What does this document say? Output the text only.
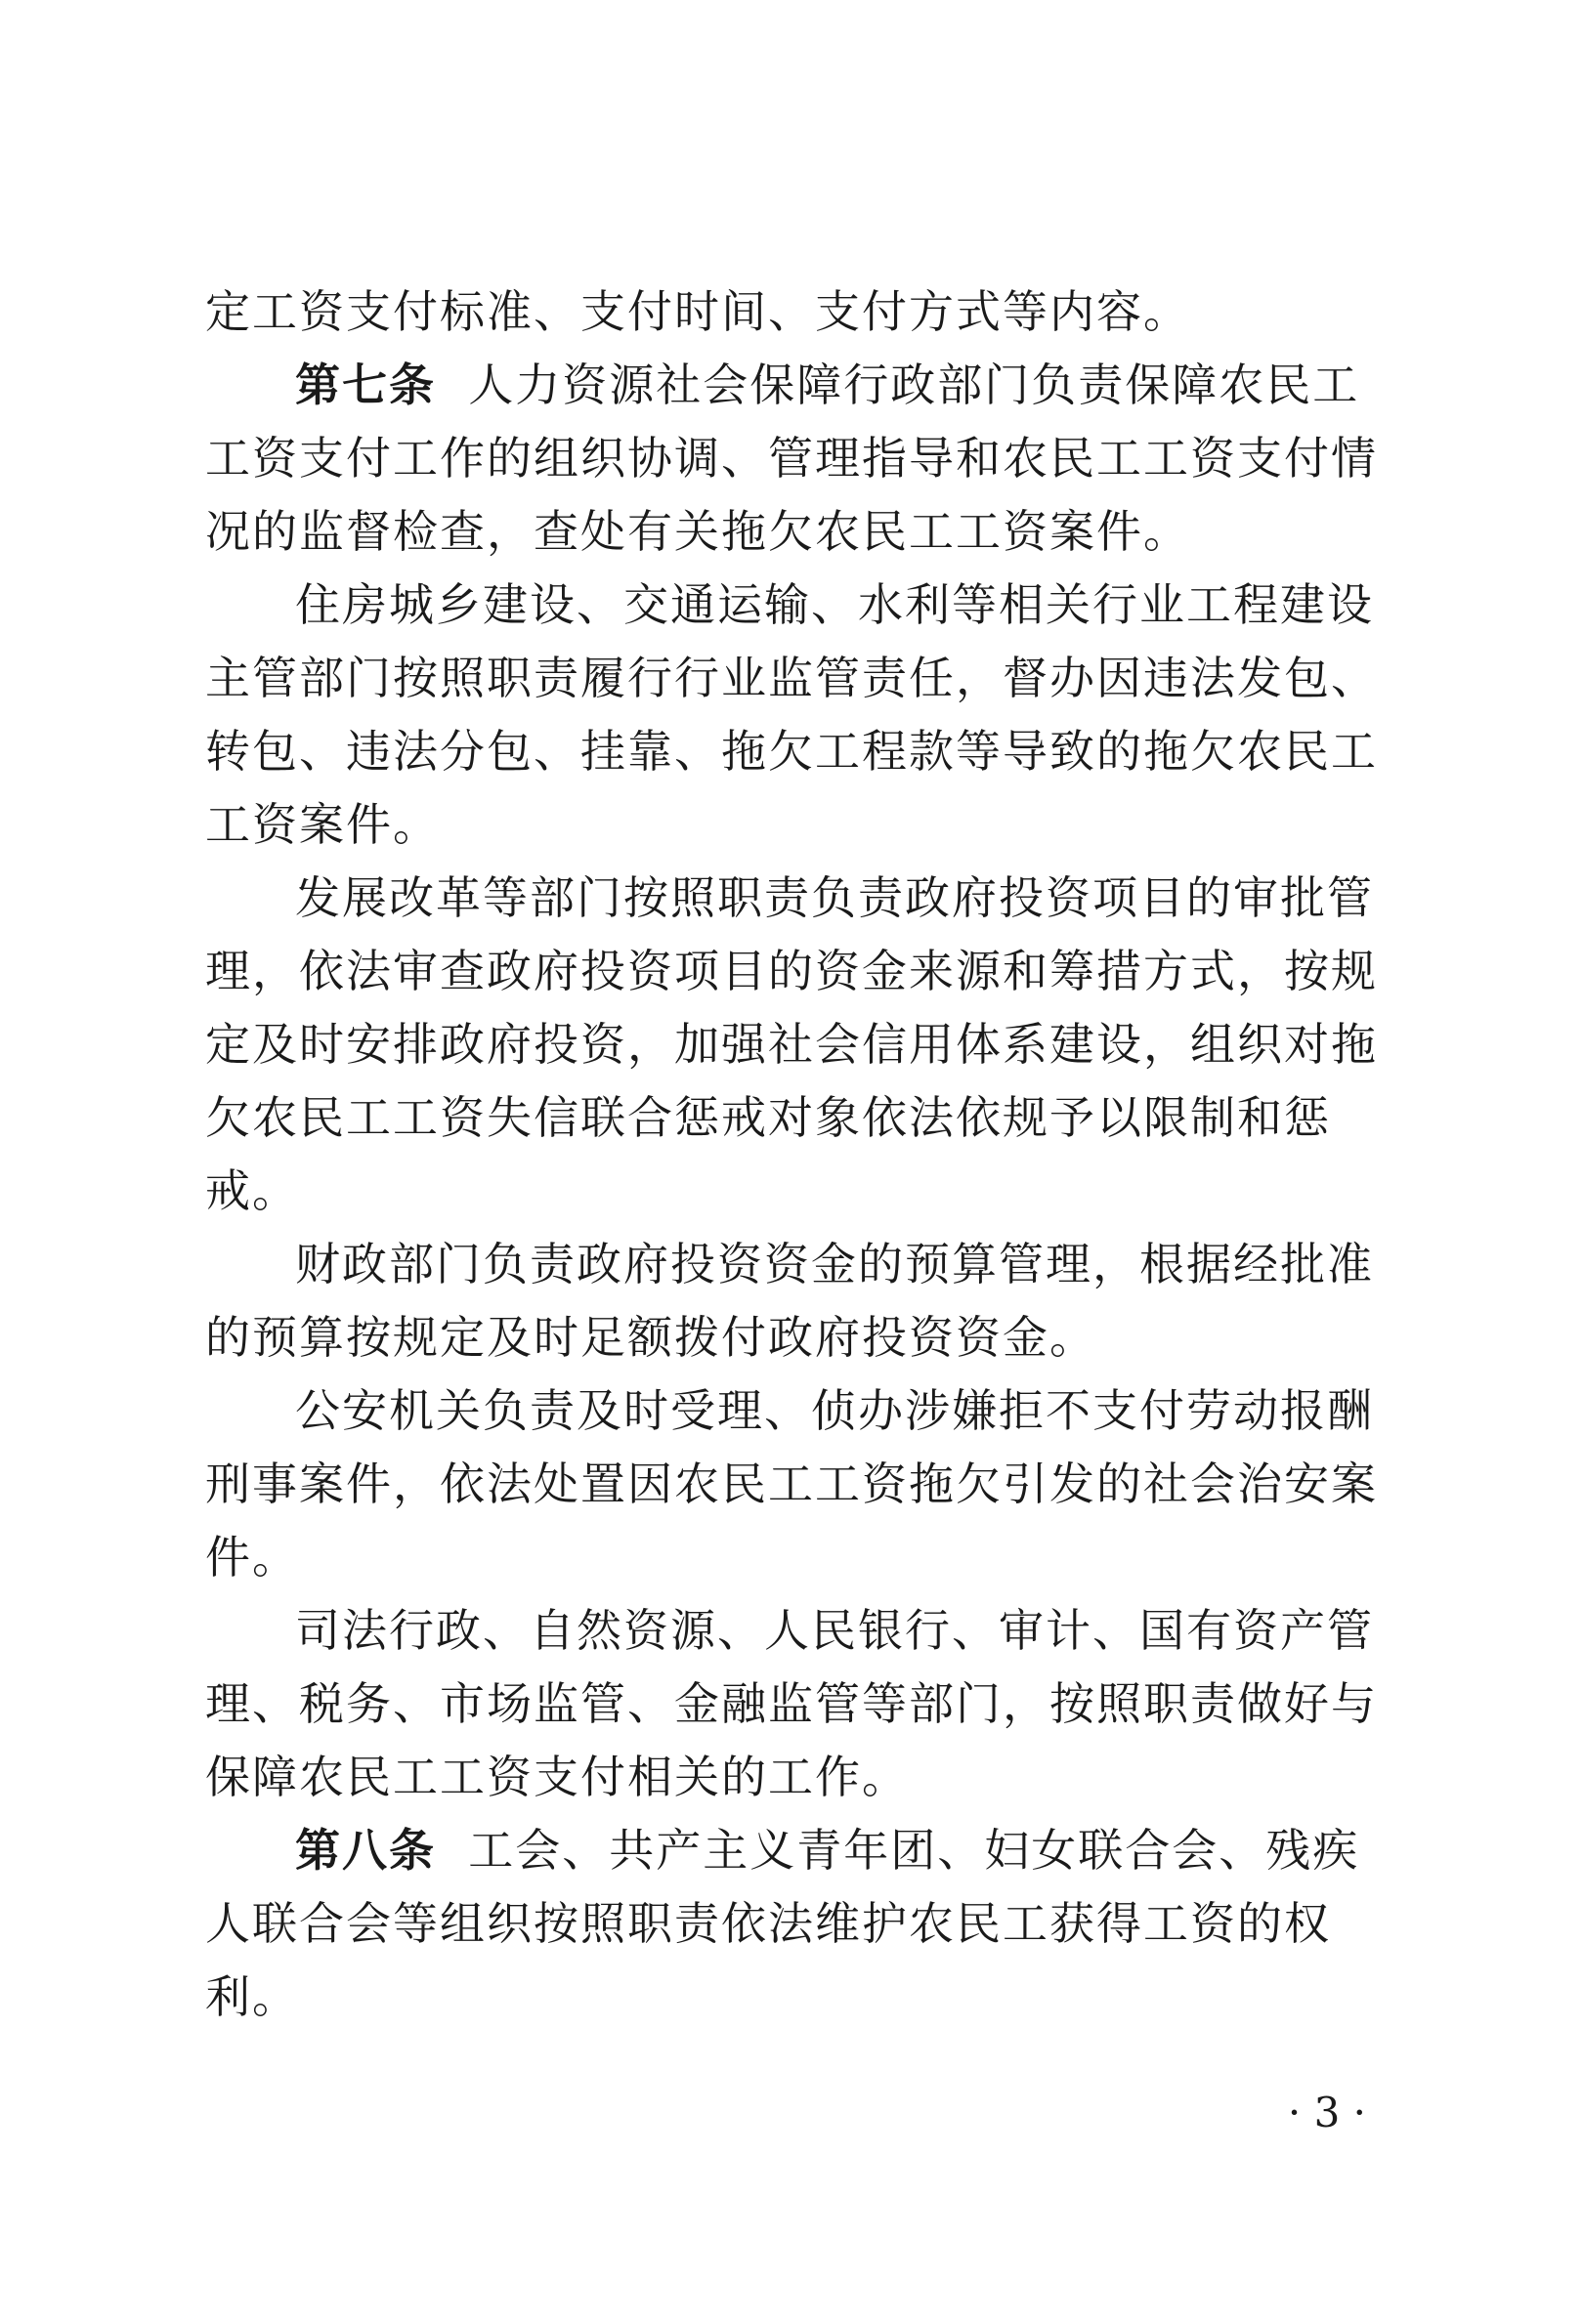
定工资支付标准、支付时间、支付方式等内容。
第七条 人力资源社会保障行政部门负责保障农民工
工资支付工作的组织协调、管理指导和农民工工资支付情
况的监督检查，查处有关拖欠农民工工资案件。
住房城乡建设、交通运输、水利等相关行业工程建设
主管部门按照职责履行行业监管责任，督办因违法发包、
转包、违法分包、挂靠、拖欠工程款等导致的拖欠农民工
工资案件。
发展改革等部门按照职责负责政府投资项目的审批管
理，依法审查政府投资项目的资金来源和筹措方式，按规
定及时安排政府投资，加强社会信用体系建设，组织对拖
欠农民工工资失信联合惩戒对象依法依规予以限制和惩
戒。
财政部门负责政府投资资金的预算管理，根据经批准
的预算按规定及时足额拨付政府投资资金。
公安机关负责及时受理、侦办涉嫌拒不支付劳动报酬
刑事案件，依法处置因农民工工资拖欠引发的社会治安案
件。
司法行政、自然资源、人民银行、审计、国有资产管
理、税务、市场监管、金融监管等部门，按照职责做好与
保障农民工工资支付相关的工作。
第八条 工会、共产主义青年团、妇女联合会、残疾
人联合会等组织按照职责依法维护农民工获得工资的权
利。
· 3 ·
